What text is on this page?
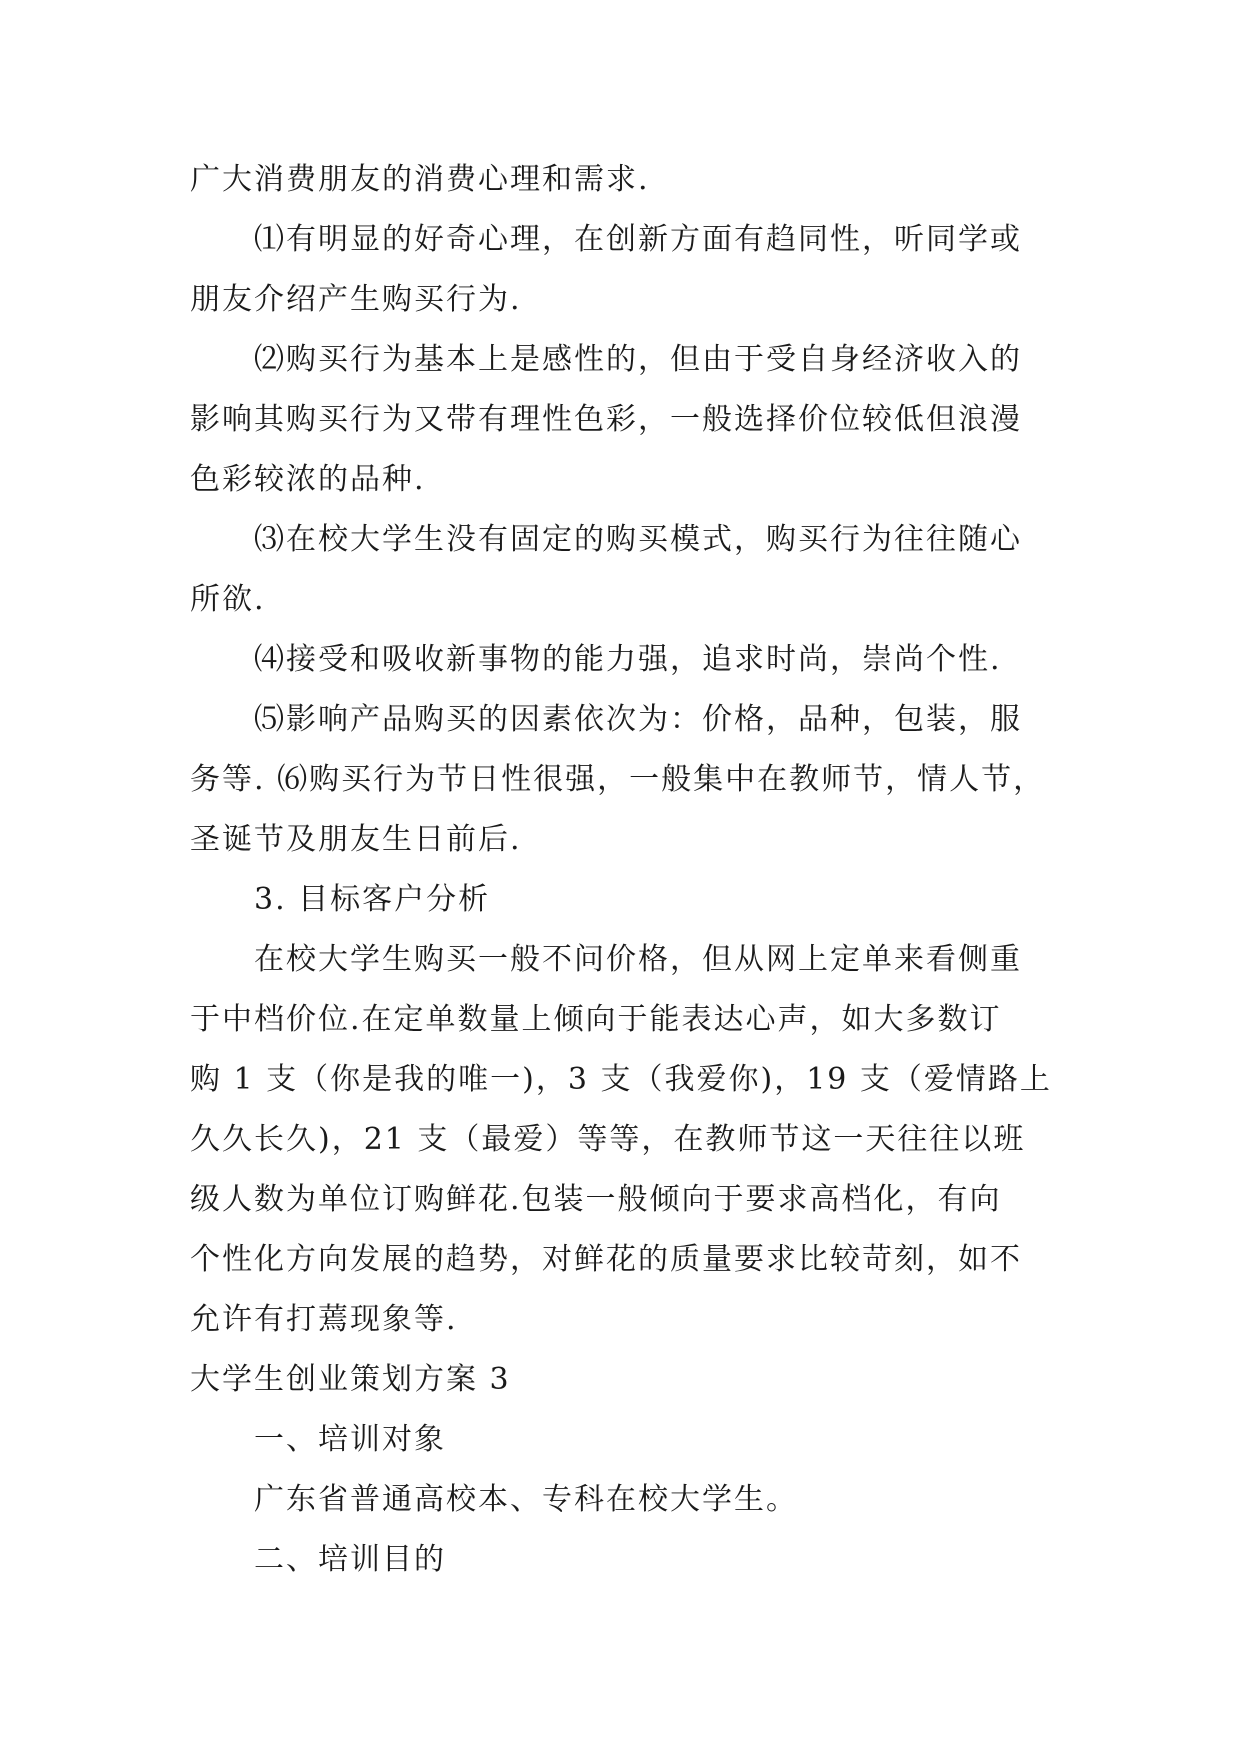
广大消费朋友的消费心理和需求.
⑴有明显的好奇心理，在创新方面有趋同性，听同学或
朋友介绍产生购买行为.
⑵购买行为基本上是感性的，但由于受自身经济收入的
影响其购买行为又带有理性色彩，一般选择价位较低但浪漫
色彩较浓的品种.
⑶在校大学生没有固定的购买模式，购买行为往往随心
所欲.
⑷接受和吸收新事物的能力强，追求时尚，崇尚个性.
⑸影响产品购买的因素依次为：价格，品种，包装，服
务等. ⑹购买行为节日性很强，一般集中在教师节，情人节，
圣诞节及朋友生日前后.
3. 目标客户分析
在校大学生购买一般不问价格，但从网上定单来看侧重
于中档价位.在定单数量上倾向于能表达心声，如大多数订
购 1 支（你是我的唯一)，3 支（我爱你)，19 支（爱情路上
久久长久)，21 支（最爱）等等，在教师节这一天往往以班
级人数为单位订购鲜花.包装一般倾向于要求高档化，有向
个性化方向发展的趋势，对鲜花的质量要求比较苛刻，如不
允许有打蔫现象等.
大学生创业策划方案 3
一、培训对象
广东省普通高校本、专科在校大学生。
二、培训目的
